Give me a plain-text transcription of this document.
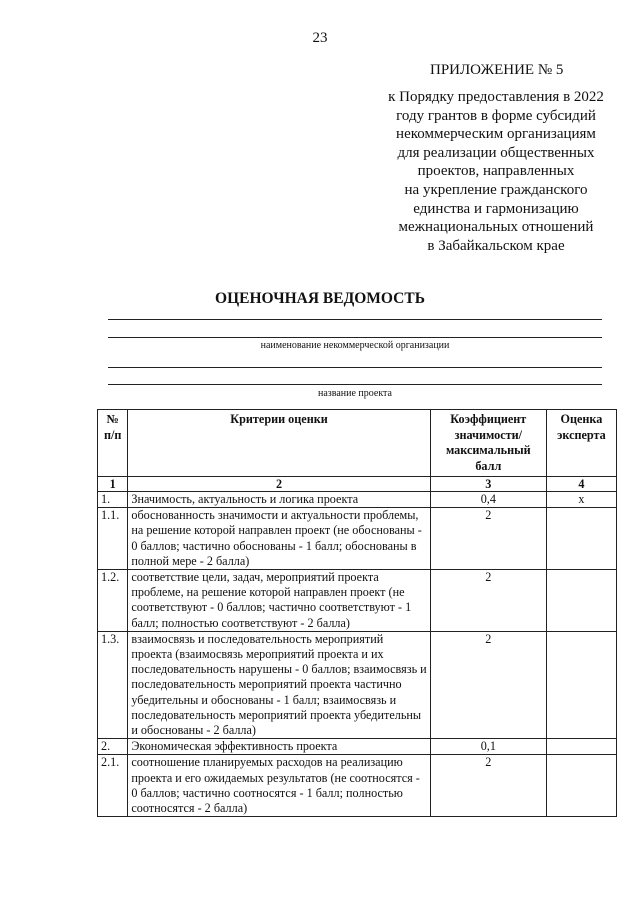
23
ПРИЛОЖЕНИЕ № 5
к Порядку предоставления в 2022
году грантов в форме субсидий
некоммерческим организациям
для реализации общественных
проектов, направленных
на укрепление гражданского
единства и гармонизацию
межнациональных отношений
в Забайкальском крае
ОЦЕНОЧНАЯ ВЕДОМОСТЬ
наименование некоммерческой организации
название проекта
№ п/п	Критерии оценки	Коэффициент значимости/ максимальный балл	Оценка эксперта
1	2	3	4
1.	Значимость, актуальность и логика проекта	0,4	x
1.1.	обоснованность значимости и актуальности проблемы, на решение которой направлен проект (не обоснованы - 0 баллов; частично обоснованы - 1 балл; обоснованы в полной мере - 2 балла)	2	
1.2.	соответствие цели, задач, мероприятий проекта проблеме, на решение которой направлен проект (не соответствуют - 0 баллов; частично соответствуют - 1 балл; полностью соответствуют - 2 балла)	2	
1.3.	взаимосвязь и последовательность мероприятий проекта (взаимосвязь мероприятий проекта и их последовательность нарушены - 0 баллов; взаимосвязь и последовательность мероприятий проекта частично убедительны и обоснованы - 1 балл; взаимосвязь и последовательность мероприятий проекта убедительны и обоснованы - 2 балла)	2	
2.	Экономическая эффективность проекта	0,1	
2.1.	соотношение планируемых расходов на реализацию проекта и его ожидаемых результатов (не соотносятся - 0 баллов; частично соотносятся - 1 балл; полностью соотносятся - 2 балла)	2	
